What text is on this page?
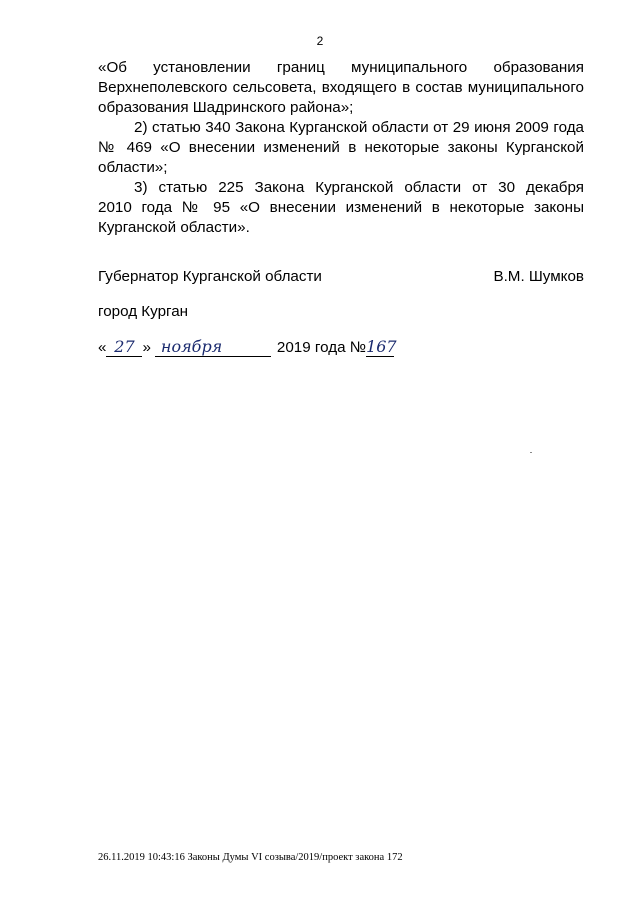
2

«Об установлении границ муниципального образования
Верхнеполевского сельсовета, входящего в состав муниципального
образования Шадринского района»;

2) статью 340 Закона Курганской области от 29 июня 2009 года
№ 469 «О внесении изменений в некоторые законы Курганской
области»;

3) статью 225 Закона Курганской области от 30 декабря
2010 года № 95 «О внесении изменений в некоторые законы
Курганской области».

Губернатор Курганской области	В.М. Шумков
город Курган
« 27 » ноября	2019 года № 167
26.11.2019 10:43:16 Законы Думы VI созыва/2019/проект закона 172
